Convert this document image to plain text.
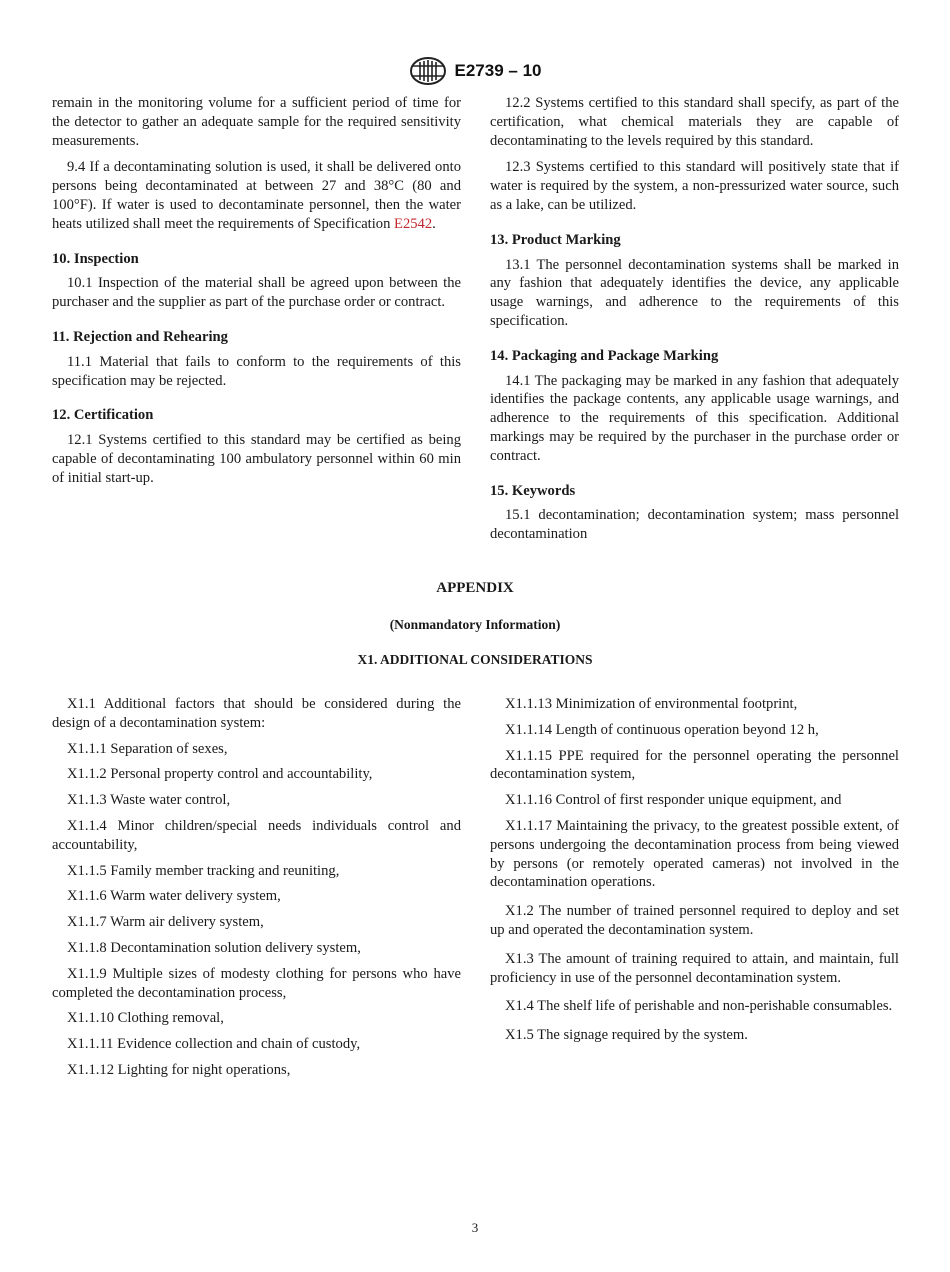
E2739 – 10

remain in the monitoring volume for a sufficient period of time for the detector to gather an adequate sample for the required sensitivity measurements.

9.4 If a decontaminating solution is used, it shall be delivered onto persons being decontaminated at between 27 and 38°C (80 and 100°F). If water is used to decontaminate personnel, then the water heats utilized shall meet the requirements of Specification E2542.

10. Inspection

10.1 Inspection of the material shall be agreed upon between the purchaser and the supplier as part of the purchase order or contract.

11. Rejection and Rehearing

11.1 Material that fails to conform to the requirements of this specification may be rejected.

12. Certification

12.1 Systems certified to this standard may be certified as being capable of decontaminating 100 ambulatory personnel within 60 min of initial start-up.

12.2 Systems certified to this standard shall specify, as part of the certification, what chemical materials they are capable of decontaminating to the levels required by this standard.

12.3 Systems certified to this standard will positively state that if water is required by the system, a non-pressurized water source, such as a lake, can be utilized.

13. Product Marking

13.1 The personnel decontamination systems shall be marked in any fashion that adequately identifies the device, any applicable usage warnings, and adherence to the requirements of this specification.

14. Packaging and Package Marking

14.1 The packaging may be marked in any fashion that adequately identifies the package contents, any applicable usage warnings, and adherence to the requirements of this specification. Additional markings may be required by the purchaser in the purchase order or contract.

15. Keywords

15.1 decontamination; decontamination system; mass personnel decontamination

APPENDIX
(Nonmandatory Information)
X1. ADDITIONAL CONSIDERATIONS

X1.1 Additional factors that should be considered during the design of a decontamination system:

X1.1.1 Separation of sexes,

X1.1.2 Personal property control and accountability,

X1.1.3 Waste water control,

X1.1.4 Minor children/special needs individuals control and accountability,

X1.1.5 Family member tracking and reuniting,

X1.1.6 Warm water delivery system,

X1.1.7 Warm air delivery system,

X1.1.8 Decontamination solution delivery system,

X1.1.9 Multiple sizes of modesty clothing for persons who have completed the decontamination process,

X1.1.10 Clothing removal,

X1.1.11 Evidence collection and chain of custody,

X1.1.12 Lighting for night operations,

X1.1.13 Minimization of environmental footprint,

X1.1.14 Length of continuous operation beyond 12 h,

X1.1.15 PPE required for the personnel operating the personnel decontamination system,

X1.1.16 Control of first responder unique equipment, and

X1.1.17 Maintaining the privacy, to the greatest possible extent, of persons undergoing the decontamination process from being viewed by persons (or remotely operated cameras) not involved in the decontamination operations.

X1.2 The number of trained personnel required to deploy and set up and operated the decontamination system.

X1.3 The amount of training required to attain, and maintain, full proficiency in use of the personnel decontamination system.

X1.4 The shelf life of perishable and non-perishable consumables.

X1.5 The signage required by the system.

3
